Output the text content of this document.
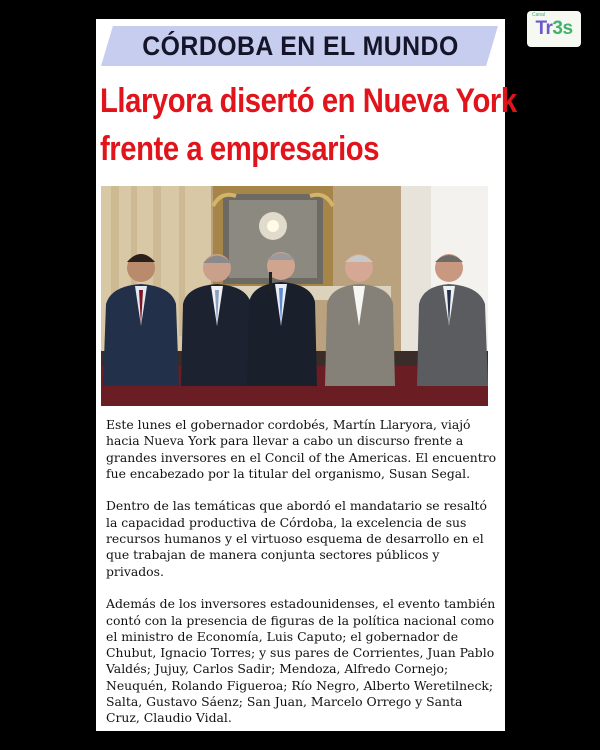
CÓRDOBA EN EL MUNDO
Llaryora disertó en Nueva York
frente a empresarios

Este lunes el gobernador cordobés, Martín Llaryora, viajó hacia Nueva York para llevar a cabo un discurso frente a grandes inversores en el Concil of the Americas. El encuentro fue encabezado por la titular del organismo, Susan Segal.

Dentro de las temáticas que abordó el mandatario se resaltó la capacidad productiva de Córdoba, la excelencia de sus recursos humanos y el virtuoso esquema de desarrollo en el que trabajan de manera conjunta sectores públicos y privados.

Además de los inversores estadounidenses, el evento también contó con la presencia de figuras de la política nacional como el ministro de Economía, Luis Caputo; el gobernador de Chubut, Ignacio Torres; y sus pares de Corrientes, Juan Pablo Valdés; Jujuy, Carlos Sadir; Mendoza, Alfredo Cornejo; Neuquén, Rolando Figueroa; Río Negro, Alberto Weretilneck; Salta, Gustavo Sáenz; San Juan, Marcelo Orrego y Santa Cruz, Claudio Vidal.

Canal
Tr3s
